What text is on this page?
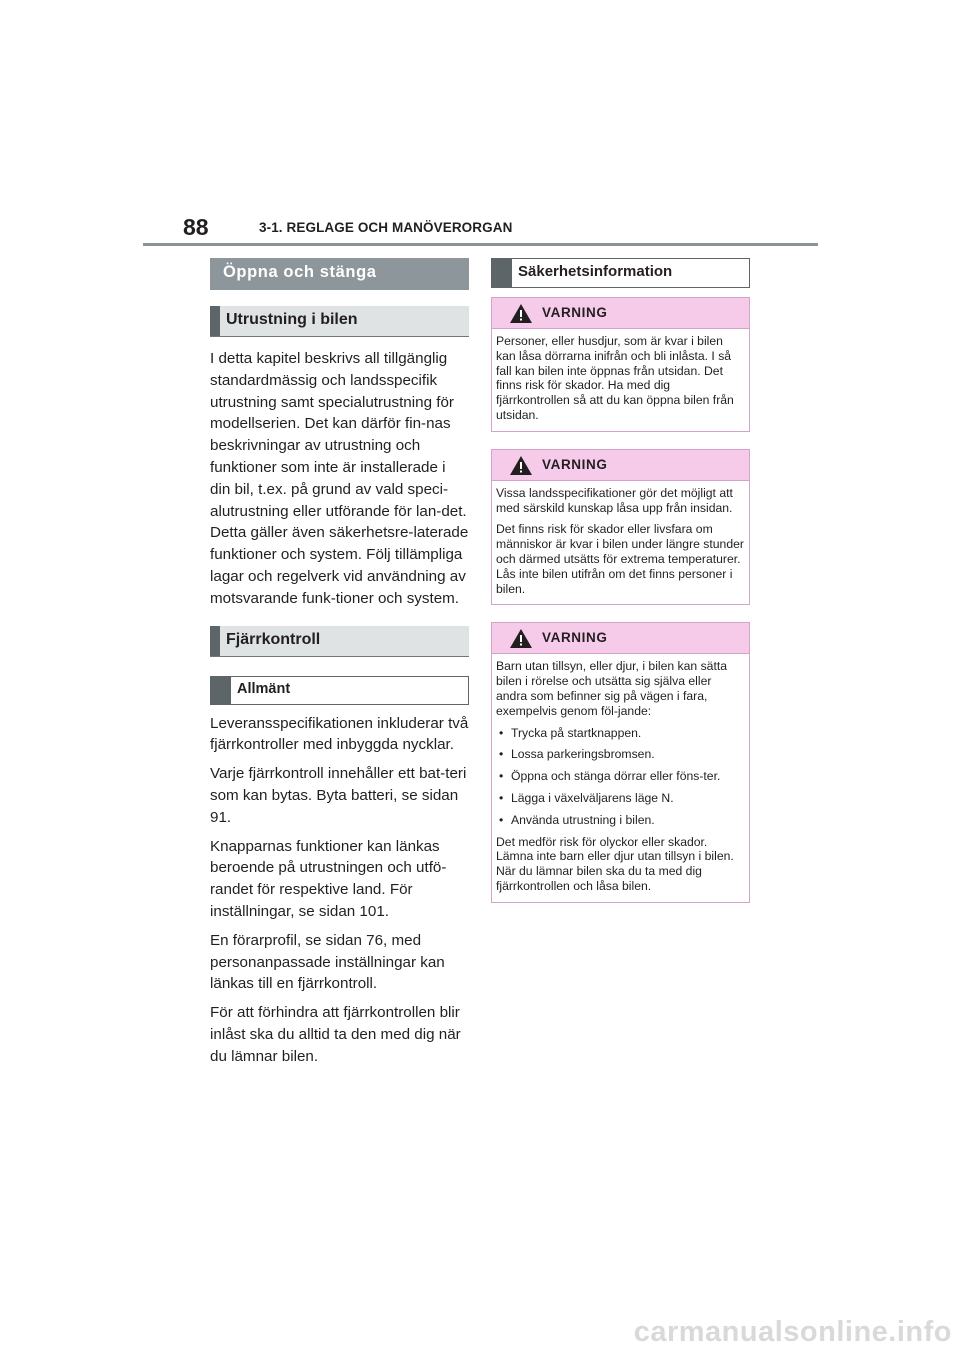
88	3-1. REGLAGE OCH MANÖVERORGAN
Öppna och stänga
Utrustning i bilen

I detta kapitel beskrivs all tillgänglig standardmässig och landsspecifik utrustning samt specialutrustning för modellserien. Det kan därför fin-nas beskrivningar av utrustning och funktioner som inte är installerade i din bil, t.ex. på grund av vald speci-alutrustning eller utförande för lan-det. Detta gäller även säkerhetsre-laterade funktioner och system. Följ tillämpliga lagar och regelverk vid användning av motsvarande funk-tioner och system.

Fjärrkontroll
Allmänt

Leveransspecifikationen inkluderar två fjärrkontroller med inbyggda nycklar.

Varje fjärrkontroll innehåller ett bat-teri som kan bytas. Byta batteri, se sidan 91.

Knapparnas funktioner kan länkas beroende på utrustningen och utfö-randet för respektive land. För inställningar, se sidan 101.

En förarprofil, se sidan 76, med personanpassade inställningar kan länkas till en fjärrkontroll.

För att förhindra att fjärrkontrollen blir inlåst ska du alltid ta den med dig när du lämnar bilen.

Säkerhetsinformation
VARNING

Personer, eller husdjur, som är kvar i bilen kan låsa dörrarna inifrån och bli inlåsta. I så fall kan bilen inte öppnas från utsidan. Det finns risk för skador. Ha med dig fjärrkontrollen så att du kan öppna bilen från utsidan.

VARNING

Vissa landsspecifikationer gör det möjligt att med särskild kunskap låsa upp från insidan.

Det finns risk för skador eller livsfara om människor är kvar i bilen under längre stunder och därmed utsätts för extrema temperaturer. Lås inte bilen utifrån om det finns personer i bilen.

VARNING

Barn utan tillsyn, eller djur, i bilen kan sätta bilen i rörelse och utsätta sig själva eller andra som befinner sig på vägen i fara, exempelvis genom föl-jande:

• Trycka på startknappen.

• Lossa parkeringsbromsen.

• Öppna och stänga dörrar eller föns-ter.

• Lägga i växelväljarens läge N.

• Använda utrustning i bilen.

Det medför risk för olyckor eller skador. Lämna inte barn eller djur utan tillsyn i bilen. När du lämnar bilen ska du ta med dig fjärrkontrollen och låsa bilen.

carmanualsonline.info
